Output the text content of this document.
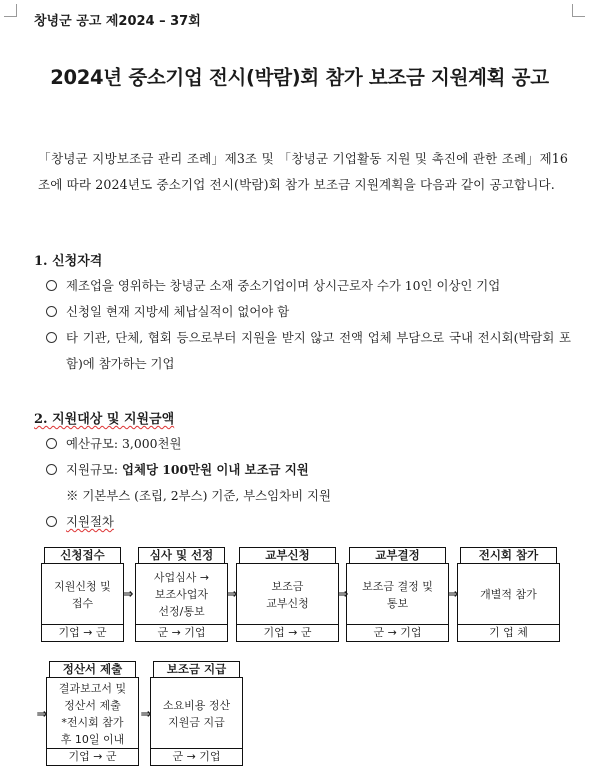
창녕군 공고 제2024 – 37회
2024년 중소기업 전시(박람)회 참가 보조금 지원계획 공고
「창녕군 지방보조금 관리 조례」제3조 및 「창녕군 기업활동 지원 및 촉진에 관한 조례」제16조에 따라 2024년도 중소기업 전시(박람)회 참가 보조금 지원계획을 다음과 같이 공고합니다.
1. 신청자격
제조업을 영위하는 창녕군 소재 중소기업이며 상시근로자 수가 10인 이상인 기업
신청일 현재 지방세 체납실적이 없어야 함
타 기관, 단체, 협회 등으로부터 지원을 받지 않고 전액 업체 부담으로 국내 전시회(박람회 포함)에 참가하는 기업
2. 지원대상 및 지원금액
예산규모: 3,000천원
지원규모: 업체당 100만원 이내 보조금 지원
※ 기본부스 (조립, 2부스) 기준, 부스임차비 지원
지원절차
신청접수
지원신청 및
접수
기업 → 군
심사 및 선정
사업심사 →
보조사업자
선정/통보
군 → 기업
교부신청
보조금
교부신청
기업 → 군
교부결정
보조금 결정 및
통보
군 → 기업
전시회 참가
개별적 참가
기 업 체
정산서 제출
결과보고서 및
정산서 제출
*전시회 참가
후 10일 이내
기업 → 군
보조금 지급
소요비용 정산
지원금 지급
군 → 기업
⇒	⇒	⇒	⇒
⇒	⇒
